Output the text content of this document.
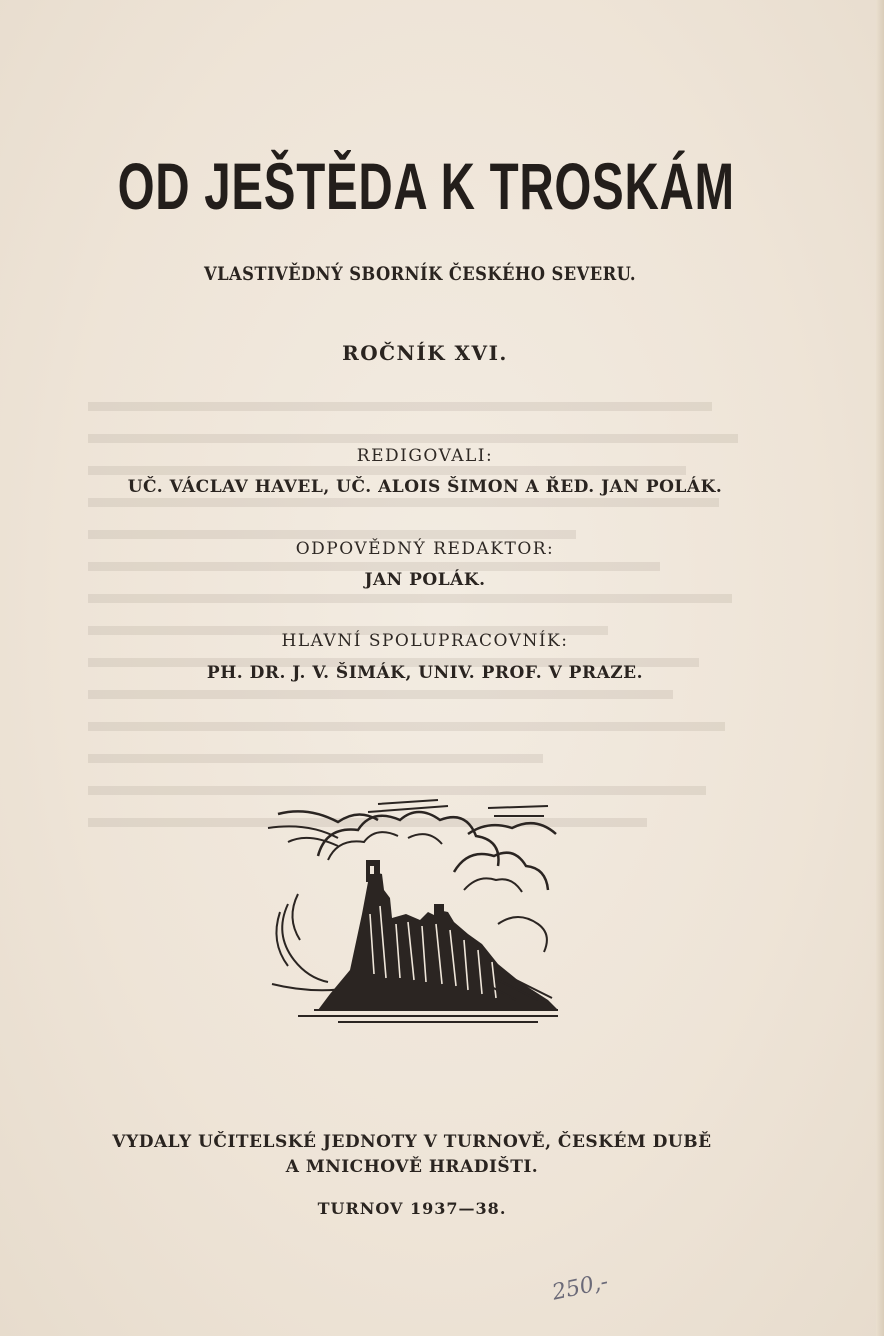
OD JEŠTĚDA K TROSKÁM
VLASTIVĚDNÝ SBORNÍK ČESKÉHO SEVERU.
ROČNÍK XVI.
REDIGOVALI:
UČ. VÁCLAV HAVEL, UČ. ALOIS ŠIMON A ŘED. JAN POLÁK.
ODPOVĚDNÝ REDAKTOR:
JAN POLÁK.
HLAVNÍ SPOLUPRACOVNÍK:
PH. DR. J. V. ŠIMÁK, UNIV. PROF. V PRAZE.
VYDALY UČITELSKÉ JEDNOTY V TURNOVĚ, ČESKÉM DUBĚ
A MNICHOVĚ HRADIŠTI.
TURNOV 1937—38.
250,-
